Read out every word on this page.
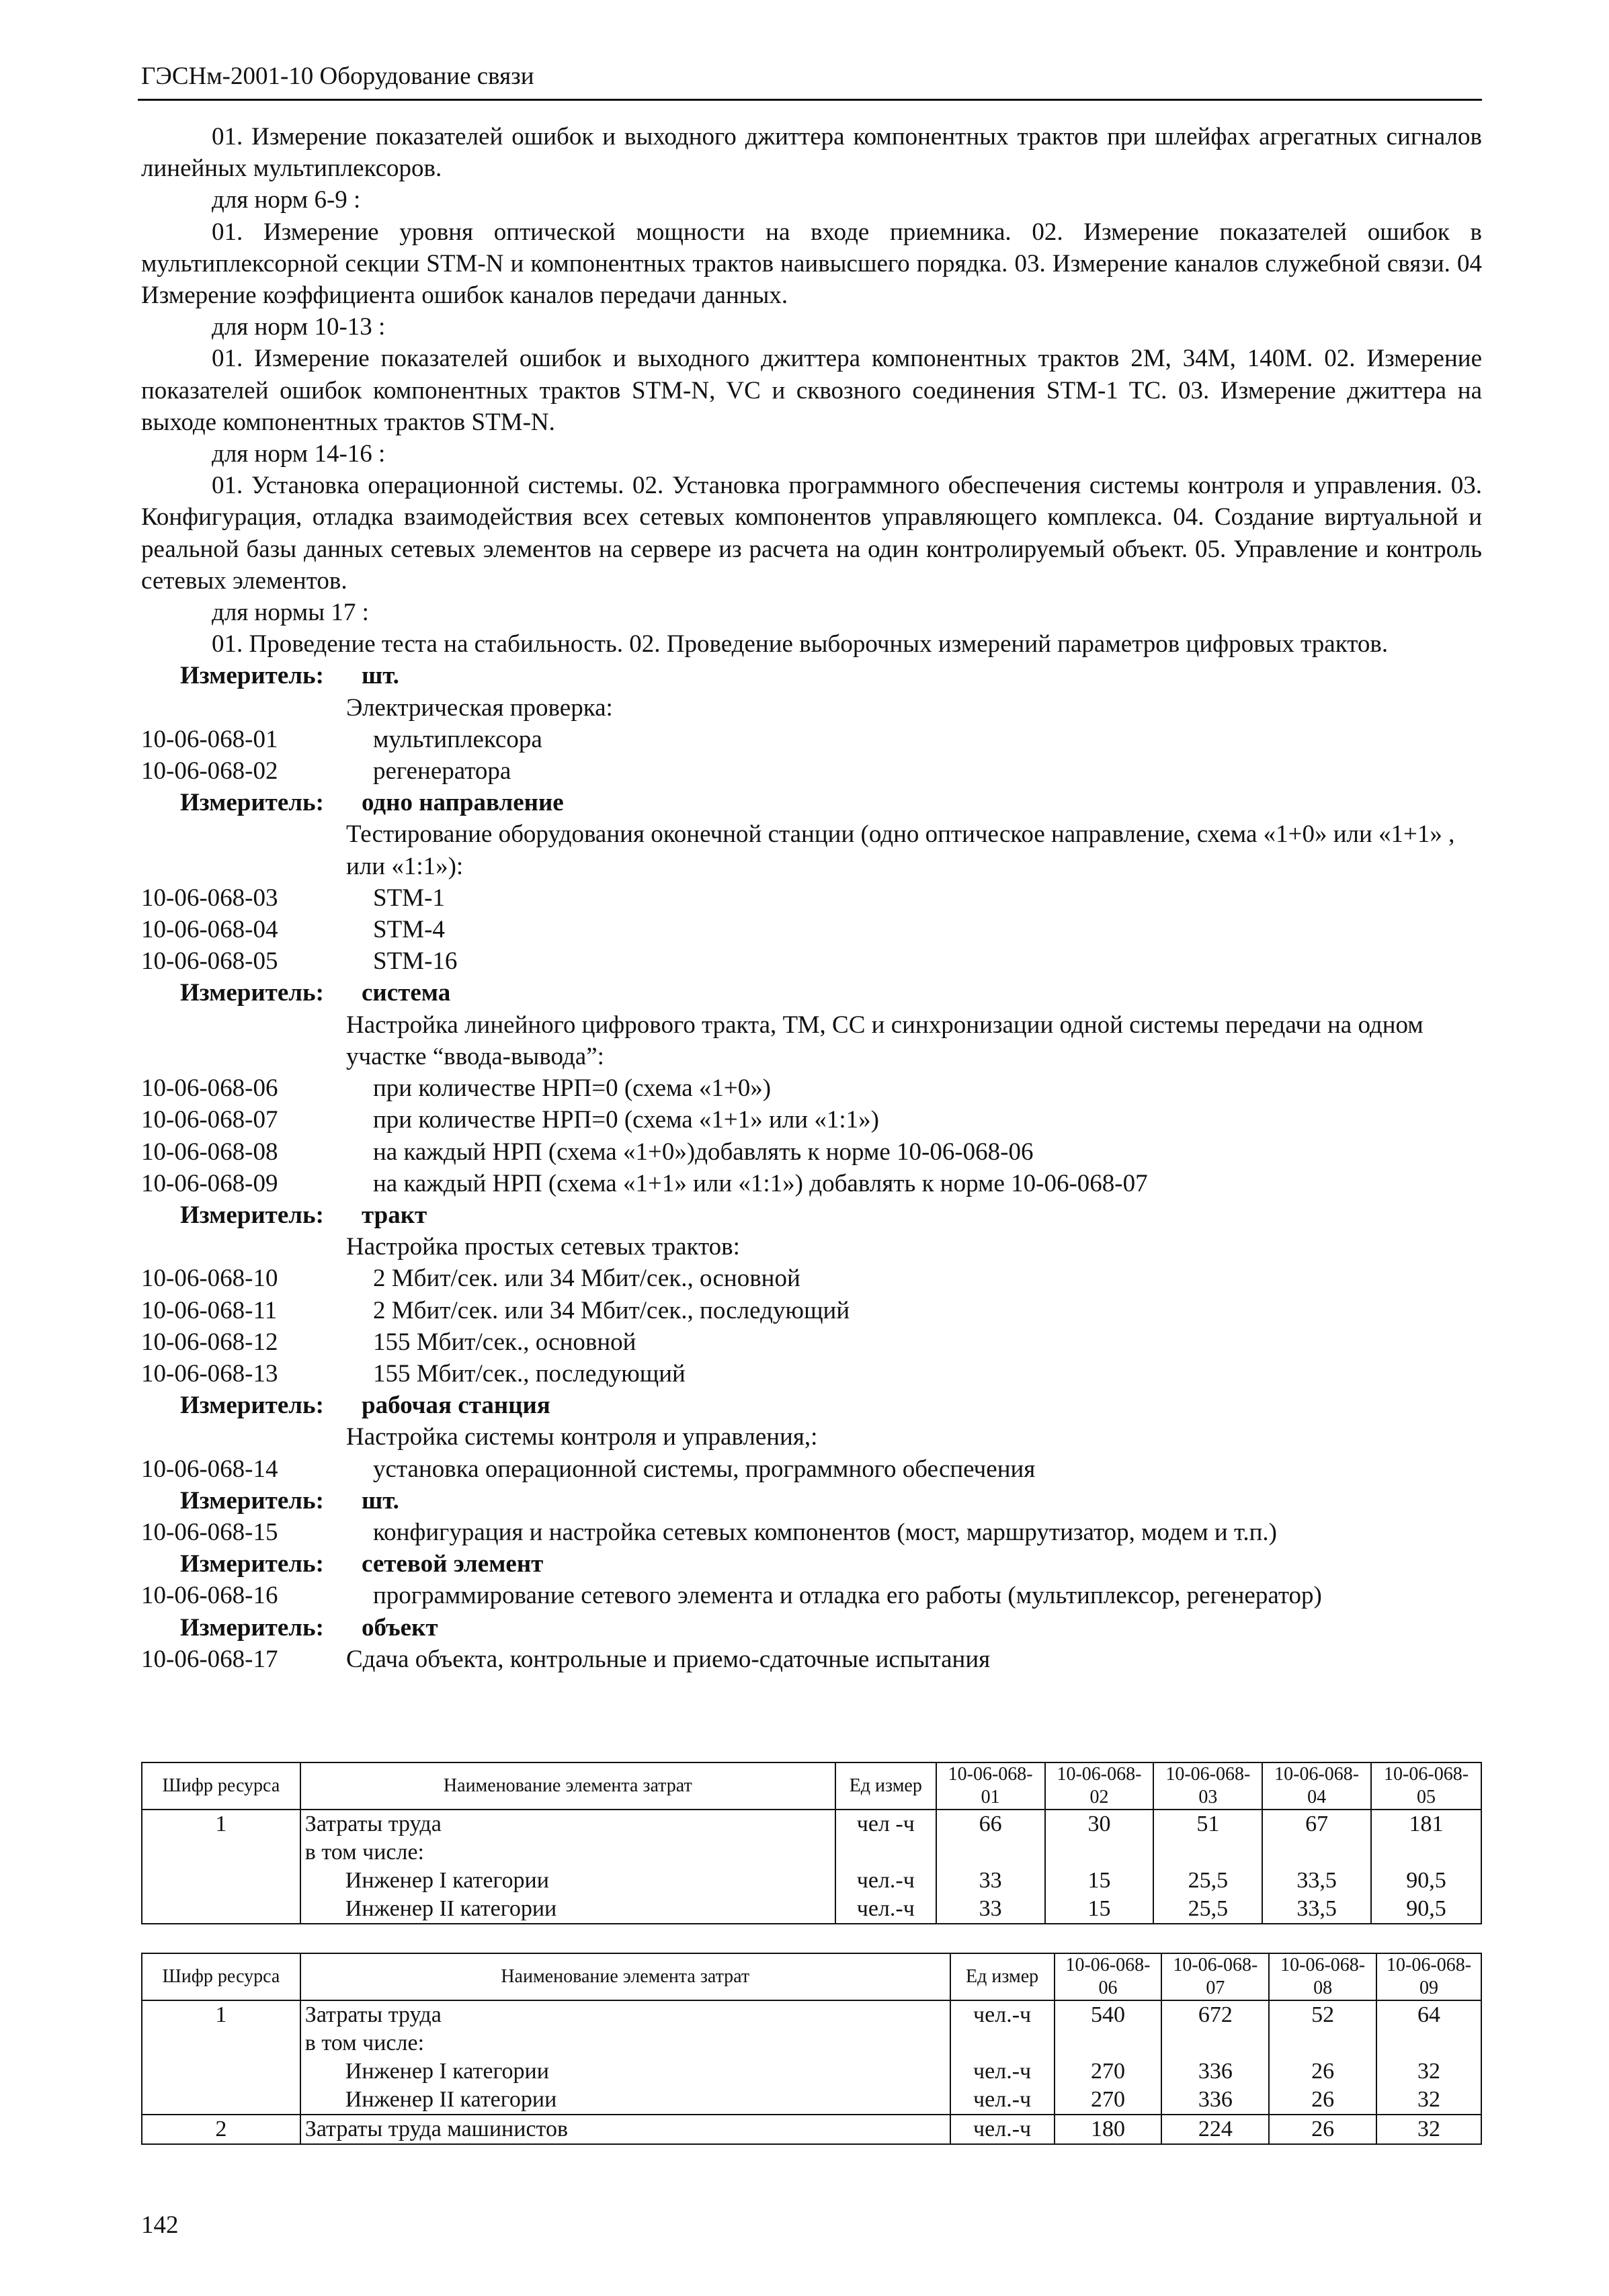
ГЭСНм-2001-10 Оборудование связи
01. Измерение показателей ошибок и выходного джиттера компонентных трактов при шлейфах агрегатных сигналов линейных мультиплексоров.
для норм 6-9 :
01. Измерение уровня оптической мощности на входе приемника. 02. Измерение показателей ошибок в мультиплексорной секции STM-N и компонентных трактов наивысшего порядка. 03. Измерение каналов служебной связи. 04 Измерение коэффициента ошибок каналов передачи данных.
для норм 10-13 :
01. Измерение показателей ошибок и выходного джиттера компонентных трактов 2М, 34М, 140М. 02. Измерение показателей ошибок компонентных трактов STM-N, VC и сквозного соединения STM-1 TC. 03. Измерение джиттера на выходе компонентных трактов STM-N.
для норм 14-16 :
01. Установка операционной системы. 02. Установка программного обеспечения системы контроля и управления. 03. Конфигурация, отладка взаимодействия всех сетевых компонентов управляющего комплекса. 04. Создание виртуальной и реальной базы данных сетевых элементов на сервере из расчета на один контролируемый объект. 05. Управление и контроль сетевых элементов.
для нормы 17 :
01. Проведение теста на стабильность. 02. Проведение выборочных измерений параметров цифровых трактов.
Измеритель: шт.
Электрическая проверка:
10-06-068-01	мультиплексора
10-06-068-02	регенератора
Измеритель: одно направление
Тестирование оборудования оконечной станции (одно оптическое направление, схема «1+0» или «1+1» , или «1:1»):
10-06-068-03	STM-1
10-06-068-04	STM-4
10-06-068-05	STM-16
Измеритель: система
Настройка линейного цифрового тракта, ТМ, СС и синхронизации одной системы передачи на одном участке “ввода-вывода”:
10-06-068-06	при количестве НРП=0 (схема «1+0»)
10-06-068-07	при количестве НРП=0 (схема «1+1» или «1:1»)
10-06-068-08	на каждый НРП (схема «1+0»)добавлять к норме 10-06-068-06
10-06-068-09	на каждый НРП (схема «1+1» или «1:1») добавлять к норме 10-06-068-07
Измеритель: тракт
Настройка простых сетевых трактов:
10-06-068-10	2 Мбит/сек. или 34 Мбит/сек., основной
10-06-068-11	2 Мбит/сек. или 34 Мбит/сек., последующий
10-06-068-12	155 Мбит/сек., основной
10-06-068-13	155 Мбит/сек., последующий
Измеритель: рабочая станция
Настройка системы контроля и управления,:
10-06-068-14	установка операционной системы, программного обеспечения
Измеритель: шт.
10-06-068-15	конфигурация и настройка сетевых компонентов (мост, маршрутизатор, модем и т.п.)
Измеритель: сетевой элемент
10-06-068-16	программирование сетевого элемента и отладка его работы (мультиплексор, регенератор)
Измеритель: объект
10-06-068-17	Сдача объекта, контрольные и приемо-сдаточные испытания
Шифр ресурса	Наименование элемента затрат	Ед измер	10-06-068-01	10-06-068-02	10-06-068-03	10-06-068-04	10-06-068-05
1	Затраты труда	чел -ч	66	30	51	67	181
	в том числе:						
	Инженер I категории	чел.-ч	33	15	25,5	33,5	90,5
	Инженер II категории	чел.-ч	33	15	25,5	33,5	90,5
Шифр ресурса	Наименование элемента затрат	Ед измер	10-06-068-06	10-06-068-07	10-06-068-08	10-06-068-09
1	Затраты труда	чел.-ч	540	672	52	64
	в том числе:					
	Инженер I категории	чел.-ч	270	336	26	32
	Инженер II категории	чел.-ч	270	336	26	32
2	Затраты труда машинистов	чел.-ч	180	224	26	32
142
